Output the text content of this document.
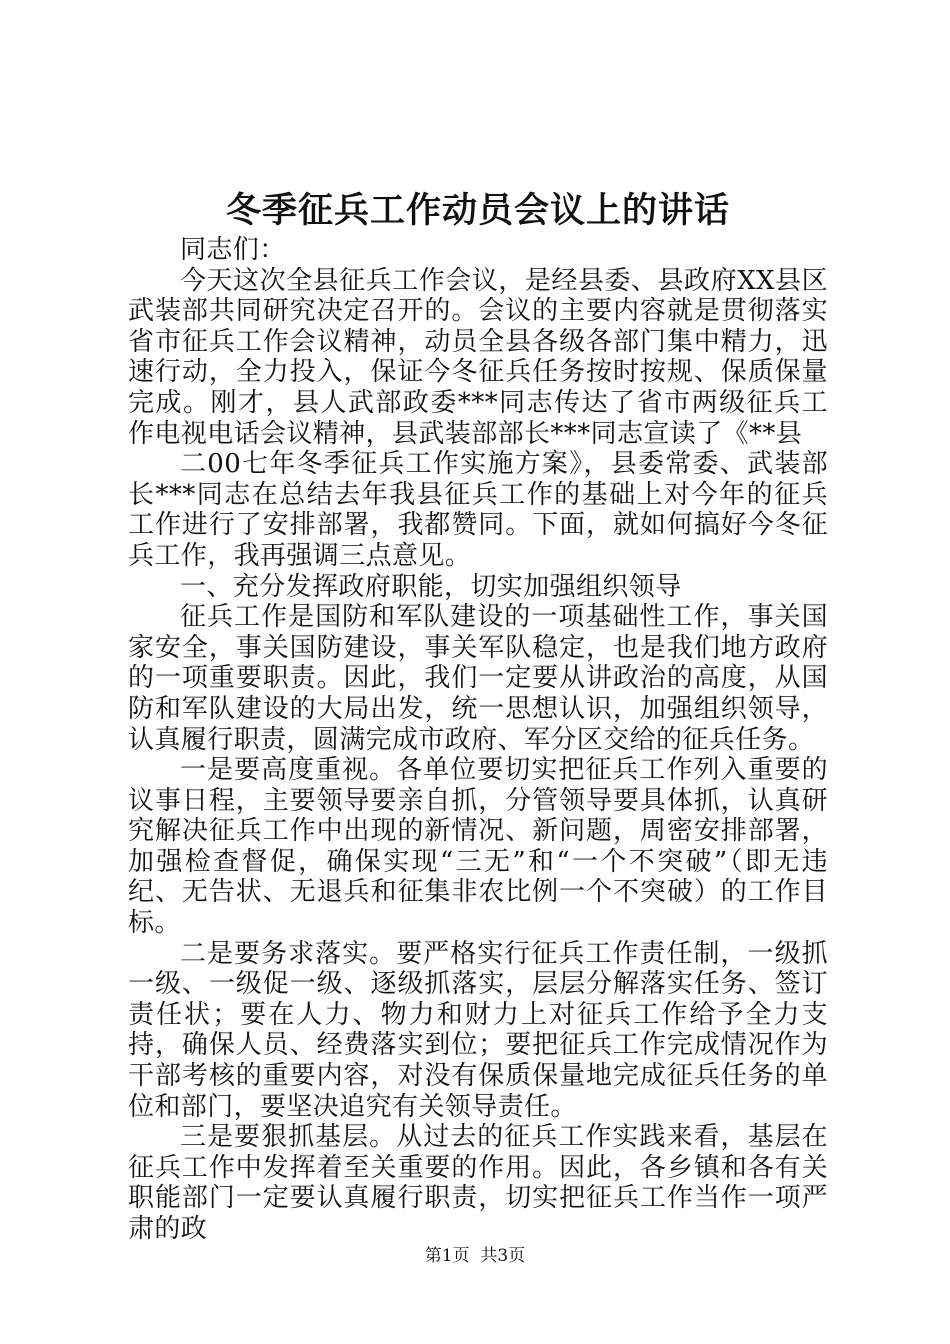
冬季征兵工作动员会议上的讲话

同志们：

今天这次全县征兵工作会议，是经县委、县政府XX县区武装部共同研究决定召开的。会议的主要内容就是贯彻落实省市征兵工作会议精神，动员全县各级各部门集中精力，迅速行动，全力投入，保证今冬征兵任务按时按规、保质保量完成。刚才，县人武部政委***同志传达了省市两级征兵工作电视电话会议精神，县武装部部长***同志宣读了《**县

二00七年冬季征兵工作实施方案》，县委常委、武装部长***同志在总结去年我县征兵工作的基础上对今年的征兵工作进行了安排部署，我都赞同。下面，就如何搞好今冬征兵工作，我再强调三点意见。

一、充分发挥政府职能，切实加强组织领导

征兵工作是国防和军队建设的一项基础性工作，事关国家安全，事关国防建设，事关军队稳定，也是我们地方政府的一项重要职责。因此，我们一定要从讲政治的高度，从国防和军队建设的大局出发，统一思想认识，加强组织领导，认真履行职责，圆满完成市政府、军分区交给的征兵任务。

一是要高度重视。各单位要切实把征兵工作列入重要的议事日程，主要领导要亲自抓，分管领导要具体抓，认真研究解决征兵工作中出现的新情况、新问题，周密安排部署，加强检查督促，确保实现“三无”和“一个不突破”（即无违纪、无告状、无退兵和征集非农比例一个不突破）的工作目标。

二是要务求落实。要严格实行征兵工作责任制，一级抓一级、一级促一级、逐级抓落实，层层分解落实任务、签订责任状；要在人力、物力和财力上对征兵工作给予全力支持，确保人员、经费落实到位；要把征兵工作完成情况作为干部考核的重要内容，对没有保质保量地完成征兵任务的单位和部门，要坚决追究有关领导责任。

三是要狠抓基层。从过去的征兵工作实践来看，基层在征兵工作中发挥着至关重要的作用。因此，各乡镇和各有关职能部门一定要认真履行职责，切实把征兵工作当作一项严肃的政

第1页  共3页
